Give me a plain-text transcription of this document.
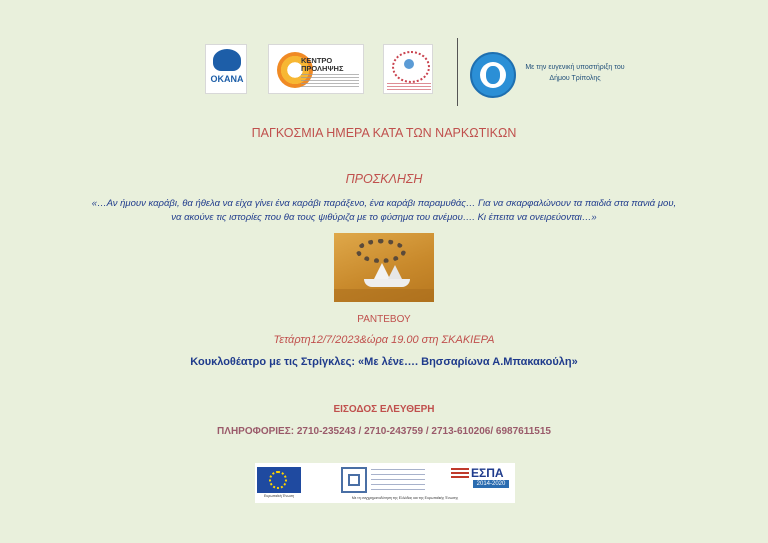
OKANA
ΚΕΝΤΡΟ
ΠΡΟΛΗΨΗΣ	Με την ευγενική υποστήριξη του Δήμου Τρίπολης
ΠΑΓΚΟΣΜΙΑ ΗΜΕΡΑ ΚΑΤΑ ΤΩΝ ΝΑΡΚΩΤΙΚΩΝ
ΠΡΟΣΚΛΗΣΗ
«…Αν ήμουν καράβι, θα ήθελα να είχα γίνει ένα καράβι παράξενο, ένα καράβι παραμυθάς… Για να σκαρφαλώνουν τα παιδιά στα πανιά μου,
να ακούνε τις ιστορίες που θα τους ψιθύριζα με το φύσημα του ανέμου…. Κι έπειτα να ονειρεύονται…»
ΡΑΝΤΕΒΟΥ
Τετάρτη12/7/2023&ώρα 19.00 στη ΣΚΑΚΙΕΡΑ
Κουκλοθέατρο με τις Στρίγκλες: «Με λένε…. Βησσαρίωνα Α.Μπακακούλη»
ΕΙΣΟΔΟΣ ΕΛΕΥΘΕΡΗ
ΠΛΗΡΟΦΟΡΙΕΣ: 2710-235243 / 2710-243759 / 2713-610206/ 6987611515
Ευρωπαϊκή Ένωση
ΕΣΠΑ
2014-2020
Με τη συγχρηματοδότηση της Ελλάδας και της Ευρωπαϊκής Ένωσης
